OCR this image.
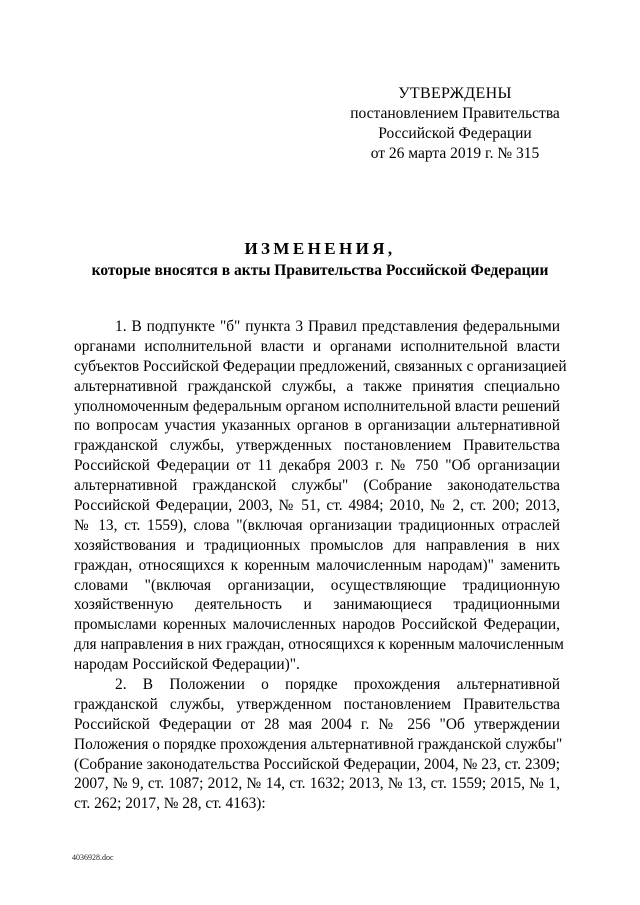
УТВЕРЖДЕНЫ
постановлением Правительства
Российской Федерации
от 26 марта 2019 г. № 315
ИЗМЕНЕНИЯ,
которые вносятся в акты Правительства Российской Федерации
1. В подпункте "б" пункта 3 Правил представления федеральными
органами исполнительной власти и органами исполнительной власти
субъектов Российской Федерации предложений, связанных с организацией
альтернативной гражданской службы, а также принятия специально
уполномоченным федеральным органом исполнительной власти решений
по вопросам участия указанных органов в организации альтернативной
гражданской службы, утвержденных постановлением Правительства
Российской Федерации от 11 декабря 2003 г. № 750 "Об организации
альтернативной гражданской службы" (Собрание законодательства
Российской Федерации, 2003, № 51, ст. 4984; 2010, № 2, ст. 200; 2013,
№ 13, ст. 1559), слова "(включая организации традиционных отраслей
хозяйствования и традиционных промыслов для направления в них
граждан, относящихся к коренным малочисленным народам)" заменить
словами "(включая организации, осуществляющие традиционную
хозяйственную деятельность и занимающиеся традиционными
промыслами коренных малочисленных народов Российской Федерации,
для направления в них граждан, относящихся к коренным малочисленным
народам Российской Федерации)".
2. В Положении о порядке прохождения альтернативной
гражданской службы, утвержденном постановлением Правительства
Российской Федерации от 28 мая 2004 г. № 256 "Об утверждении
Положения о порядке прохождения альтернативной гражданской службы"
(Собрание законодательства Российской Федерации, 2004, № 23, ст. 2309;
2007, № 9, ст. 1087; 2012, № 14, ст. 1632; 2013, № 13, ст. 1559; 2015, № 1,
ст. 262; 2017, № 28, ст. 4163):
4036928.doc
